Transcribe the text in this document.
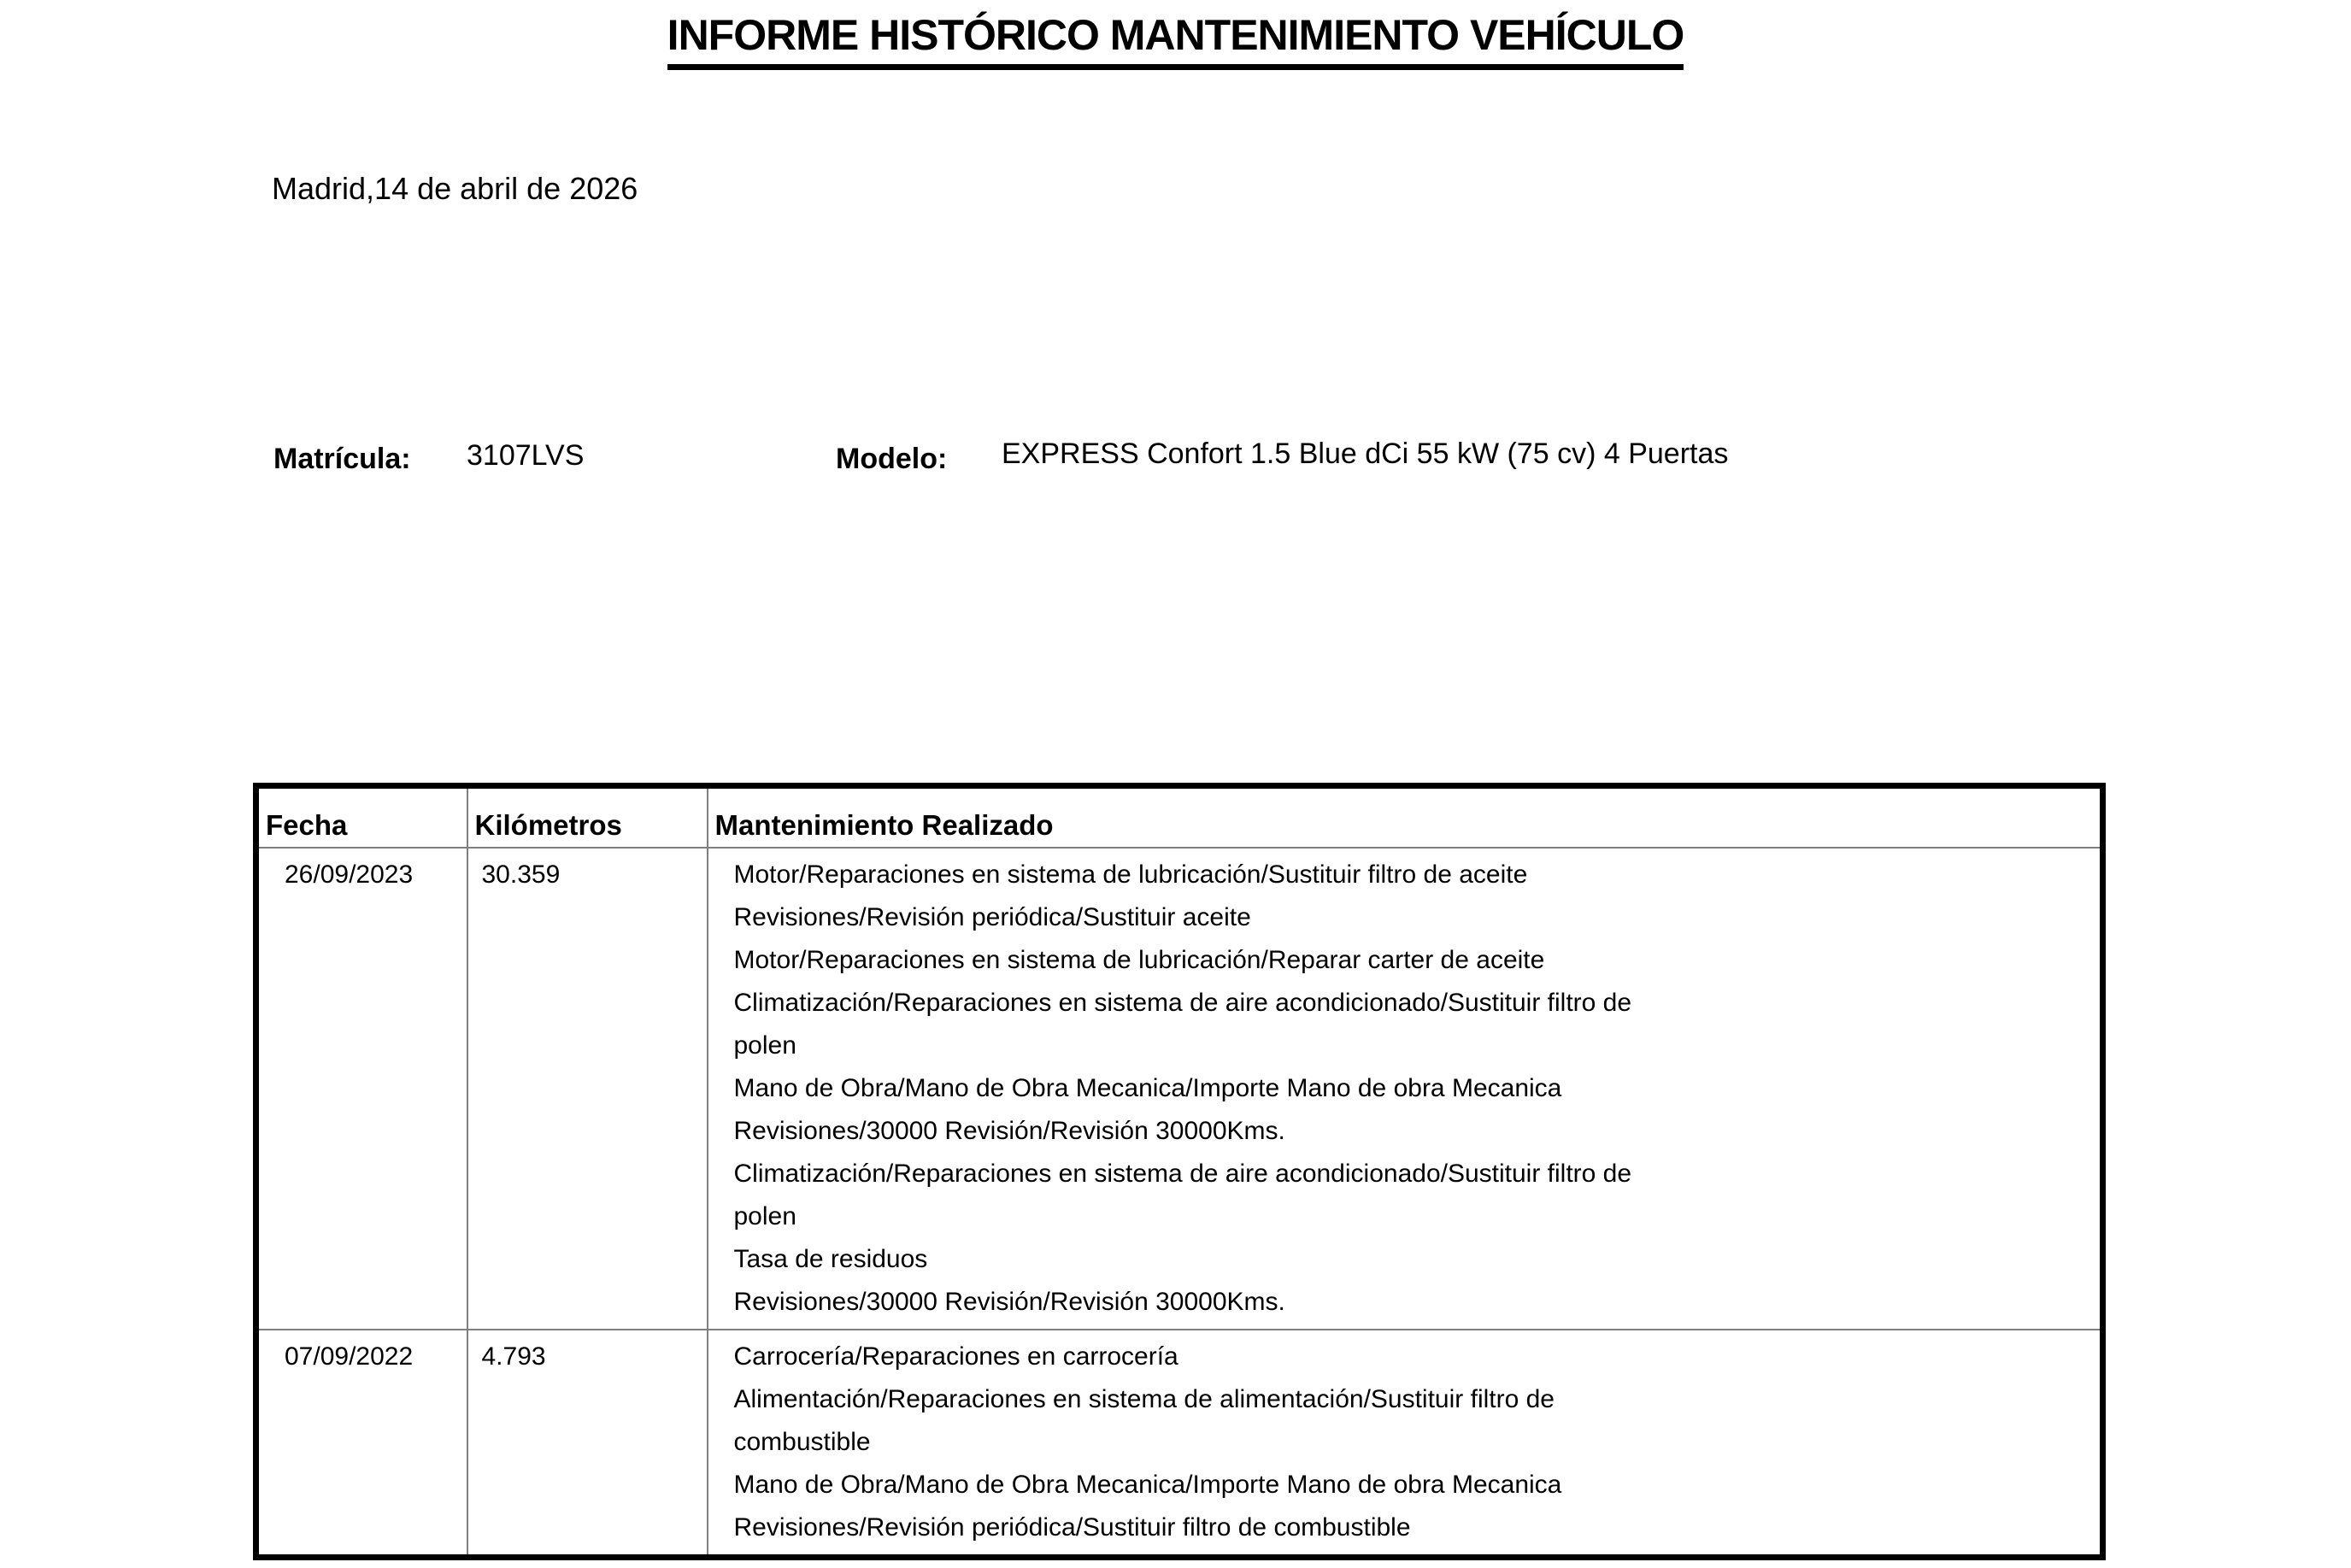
INFORME HISTÓRICO MANTENIMIENTO VEHÍCULO
Madrid,14 de abril de 2026
Matrícula: 3107LVS	Modelo: EXPRESS Confort 1.5 Blue dCi 55 kW (75 cv) 4 Puertas
Fecha	Kilómetros	Mantenimiento Realizado
26/09/2023	30.359	Motor/Reparaciones en sistema de lubricación/Sustituir filtro de aceite
Revisiones/Revisión periódica/Sustituir aceite
Motor/Reparaciones en sistema de lubricación/Reparar carter de aceite
Climatización/Reparaciones en sistema de aire acondicionado/Sustituir filtro de
polen
Mano de Obra/Mano de Obra Mecanica/Importe Mano de obra Mecanica
Revisiones/30000 Revisión/Revisión 30000Kms.
Climatización/Reparaciones en sistema de aire acondicionado/Sustituir filtro de
polen
Tasa de residuos
Revisiones/30000 Revisión/Revisión 30000Kms.

07/09/2022	4.793	Carrocería/Reparaciones en carrocería
Alimentación/Reparaciones en sistema de alimentación/Sustituir filtro de
combustible
Mano de Obra/Mano de Obra Mecanica/Importe Mano de obra Mecanica
Revisiones/Revisión periódica/Sustituir filtro de combustible
